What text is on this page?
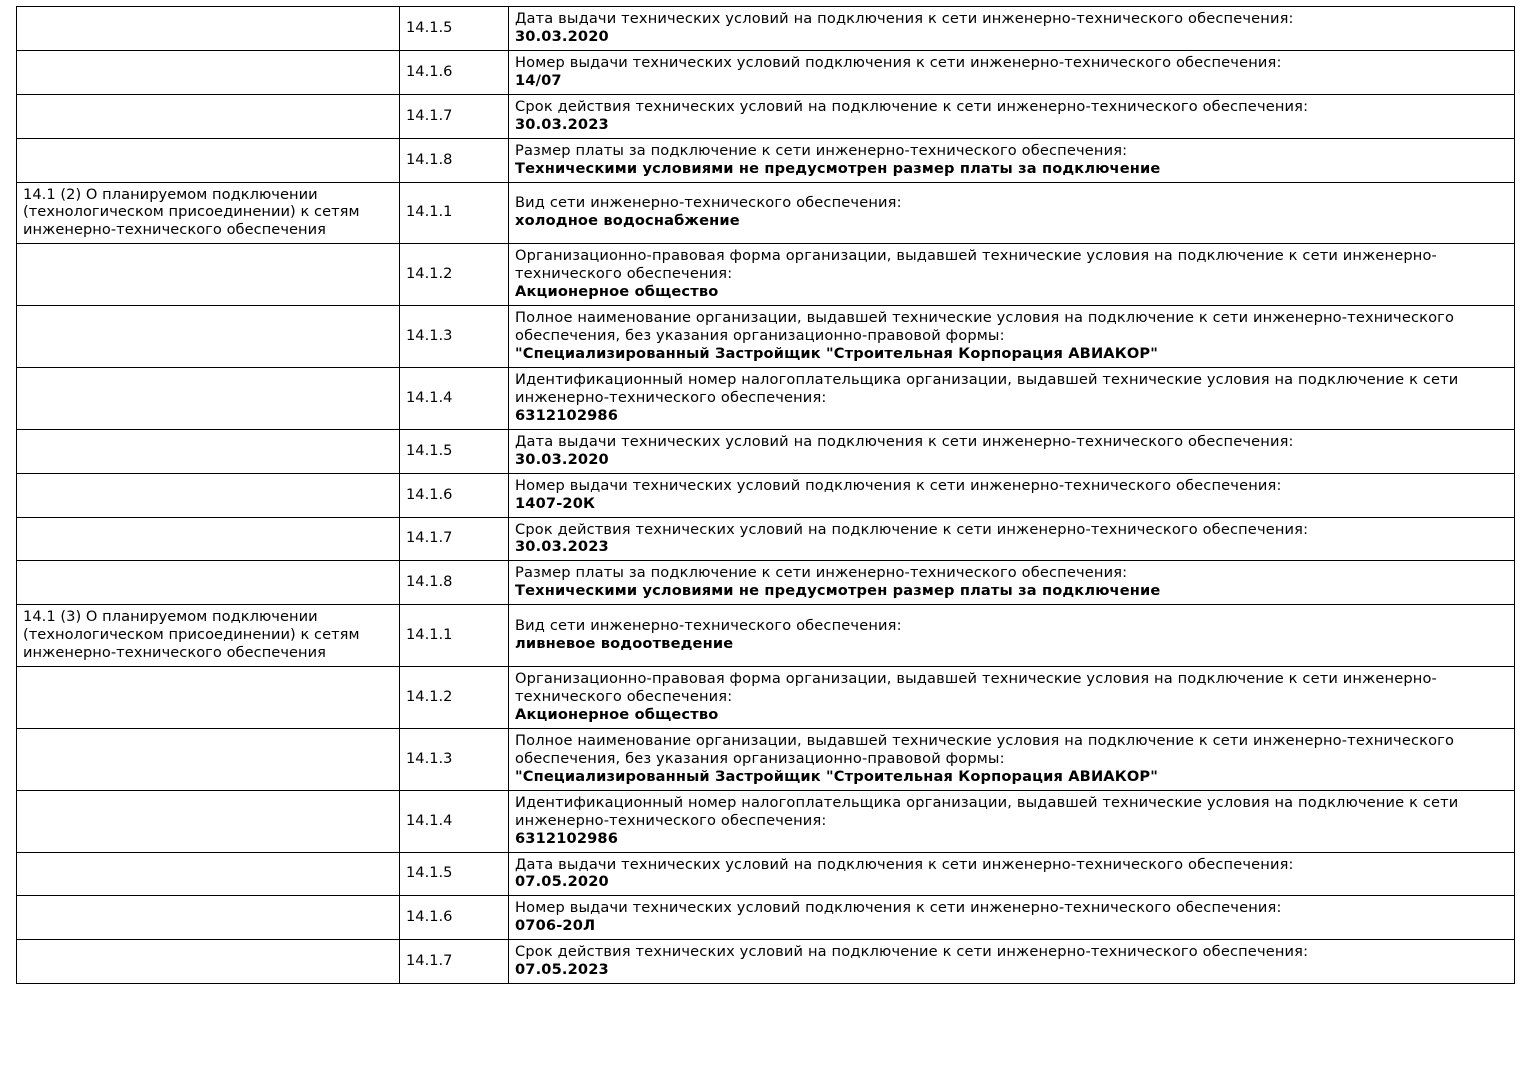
	14.1.5	Дата выдачи технических условий на подключения к сети инженерно-технического обеспечения:
30.03.2020

	14.1.6	Номер выдачи технических условий подключения к сети инженерно-технического обеспечения:
14/07

	14.1.7	Срок действия технических условий на подключение к сети инженерно-технического обеспечения:
30.03.2023

	14.1.8	Размер платы за подключение к сети инженерно-технического обеспечения:
Техническими условиями не предусмотрен размер платы за подключение

14.1 (2) О планируемом подключении (технологическом присоединении) к сетям инженерно-технического обеспечения	14.1.1	Вид сети инженерно-технического обеспечения:
холодное водоснабжение

	14.1.2	Организационно-правовая форма организации, выдавшей технические условия на подключение к сети инженерно-технического обеспечения:
Акционерное общество

	14.1.3	Полное наименование организации, выдавшей технические условия на подключение к сети инженерно-технического обеспечения, без указания организационно-правовой формы:
"Специализированный Застройщик "Строительная Корпорация АВИАКОР"

	14.1.4	Идентификационный номер налогоплательщика организации, выдавшей технические условия на подключение к сети инженерно-технического обеспечения:
6312102986

	14.1.5	Дата выдачи технических условий на подключения к сети инженерно-технического обеспечения:
30.03.2020

	14.1.6	Номер выдачи технических условий подключения к сети инженерно-технического обеспечения:
1407-20К

	14.1.7	Срок действия технических условий на подключение к сети инженерно-технического обеспечения:
30.03.2023

	14.1.8	Размер платы за подключение к сети инженерно-технического обеспечения:
Техническими условиями не предусмотрен размер платы за подключение

14.1 (3) О планируемом подключении (технологическом присоединении) к сетям инженерно-технического обеспечения	14.1.1	Вид сети инженерно-технического обеспечения:
ливневое водоотведение

	14.1.2	Организационно-правовая форма организации, выдавшей технические условия на подключение к сети инженерно-технического обеспечения:
Акционерное общество

	14.1.3	Полное наименование организации, выдавшей технические условия на подключение к сети инженерно-технического обеспечения, без указания организационно-правовой формы:
"Специализированный Застройщик "Строительная Корпорация АВИАКОР"

	14.1.4	Идентификационный номер налогоплательщика организации, выдавшей технические условия на подключение к сети инженерно-технического обеспечения:
6312102986

	14.1.5	Дата выдачи технических условий на подключения к сети инженерно-технического обеспечения:
07.05.2020

	14.1.6	Номер выдачи технических условий подключения к сети инженерно-технического обеспечения:
0706-20Л

	14.1.7	Срок действия технических условий на подключение к сети инженерно-технического обеспечения:
07.05.2023
